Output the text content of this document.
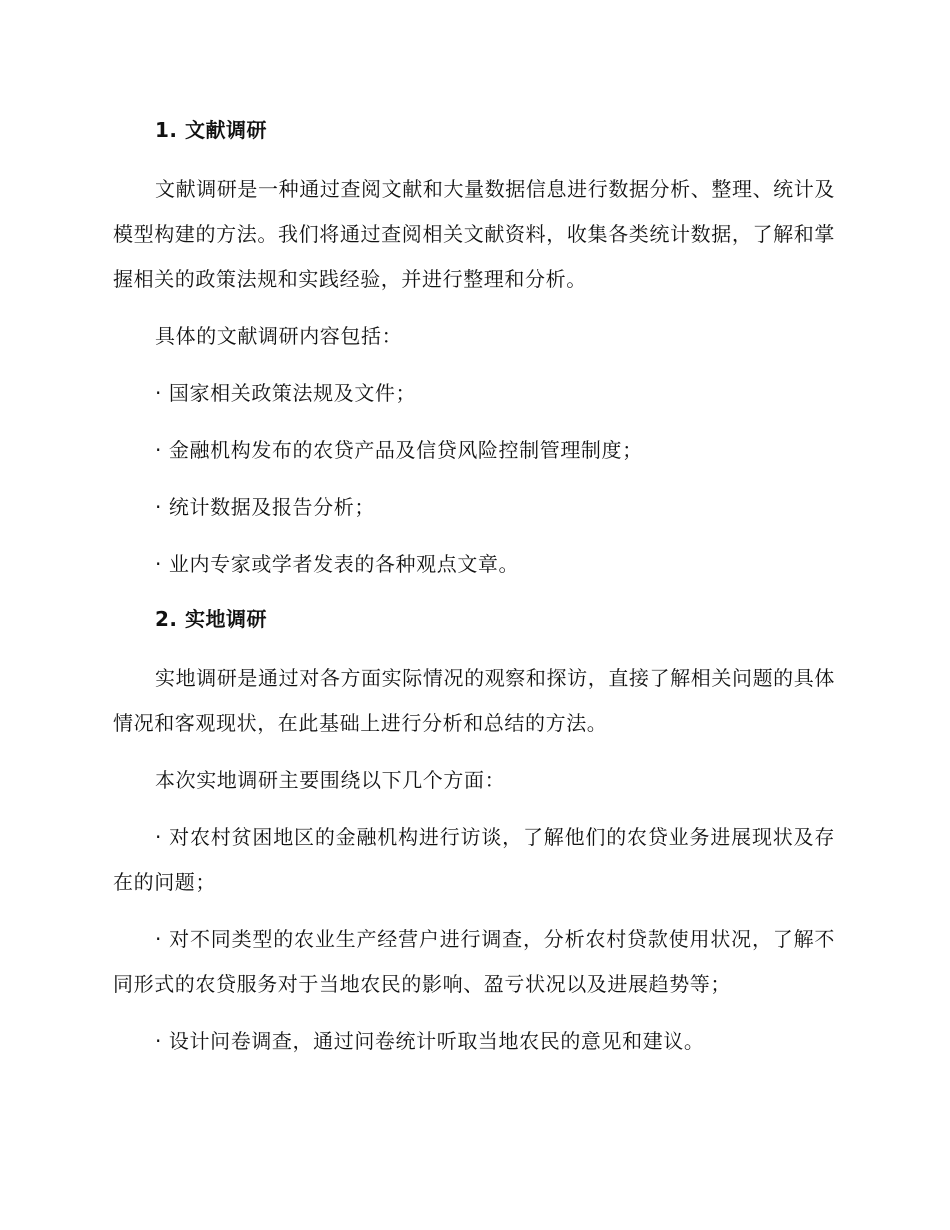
1. 文献调研

文献调研是一种通过查阅文献和大量数据信息进行数据分析、整理、统计及模型构建的方法。我们将通过查阅相关文献资料，收集各类统计数据，了解和掌握相关的政策法规和实践经验，并进行整理和分析。

具体的文献调研内容包括：

· 国家相关政策法规及文件；

· 金融机构发布的农贷产品及信贷风险控制管理制度；

· 统计数据及报告分析；

· 业内专家或学者发表的各种观点文章。

2. 实地调研

实地调研是通过对各方面实际情况的观察和探访，直接了解相关问题的具体情况和客观现状，在此基础上进行分析和总结的方法。

本次实地调研主要围绕以下几个方面：

· 对农村贫困地区的金融机构进行访谈，了解他们的农贷业务进展现状及存在的问题；

· 对不同类型的农业生产经营户进行调查，分析农村贷款使用状况，了解不同形式的农贷服务对于当地农民的影响、盈亏状况以及进展趋势等；

· 设计问卷调查，通过问卷统计听取当地农民的意见和建议。
